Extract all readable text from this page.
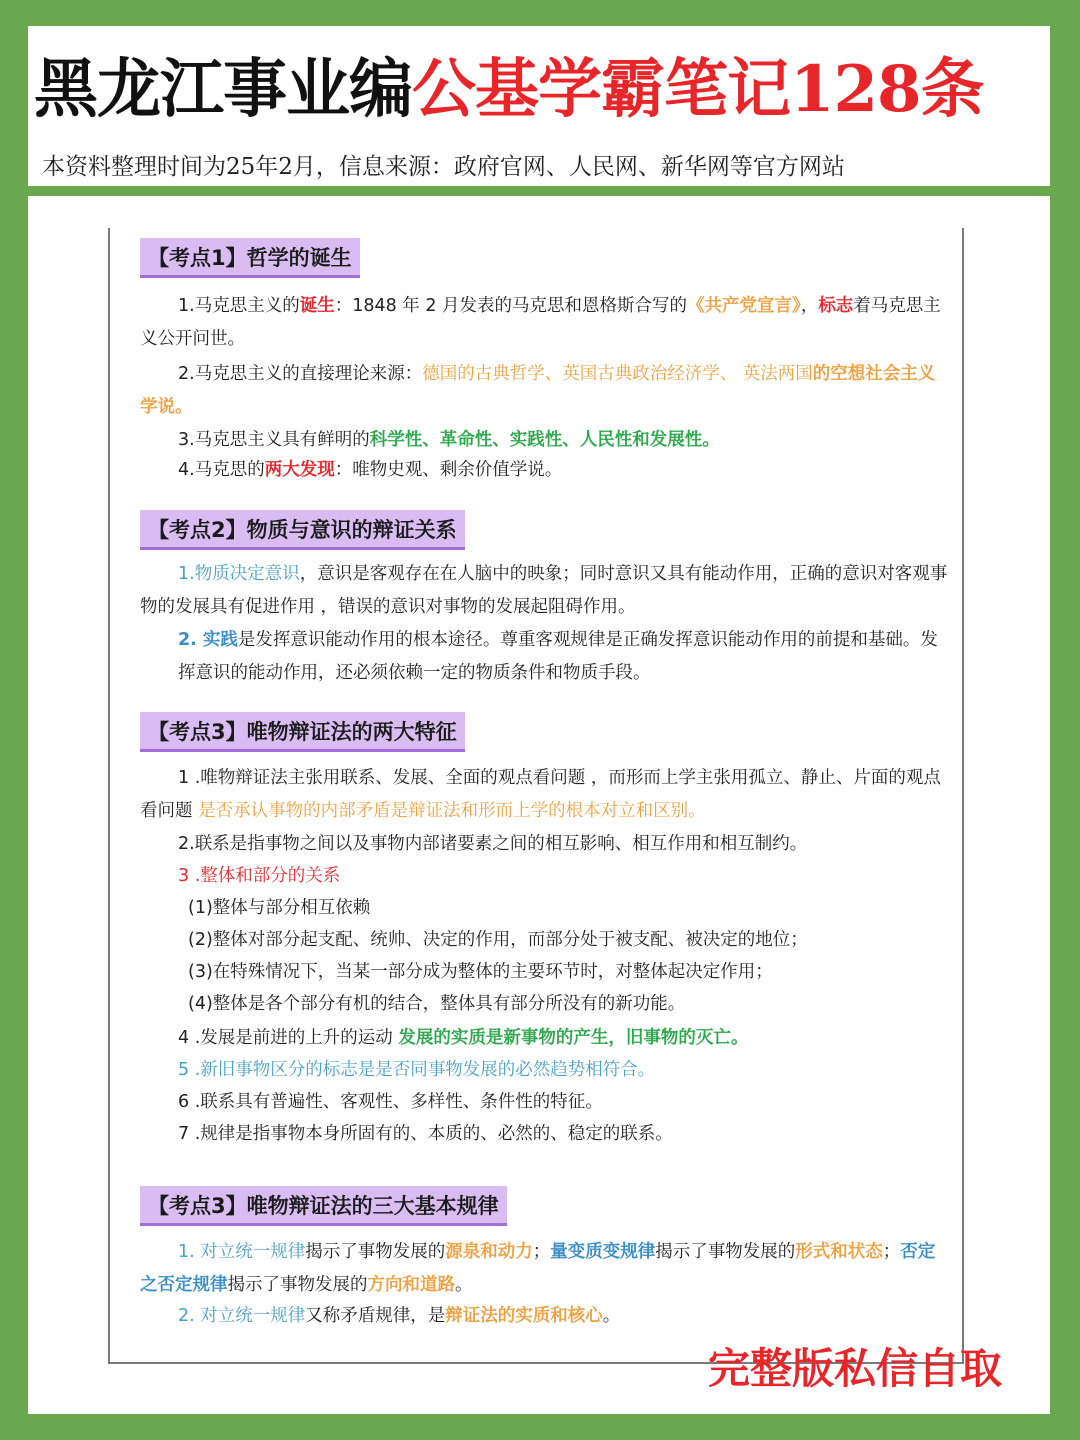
黑龙江事业编公基学霸笔记128条
本资料整理时间为25年2月，信息来源：政府官网、人民网、新华网等官方网站
【考点1】哲学的诞生

1.马克思主义的诞生：1848 年 2 月发表的马克思和恩格斯合写的《共产党宣言》，标志着马克思主义公开问世。

2.马克思主义的直接理论来源：德国的古典哲学、英国古典政治经济学、 英法两国的空想社会主义学说。

3.马克思主义具有鲜明的科学性、革命性、实践性、人民性和发展性。

4.马克思的两大发现：唯物史观、剩余价值学说。

【考点2】物质与意识的辩证关系

1.物质决定意识，意识是客观存在在人脑中的映象；同时意识又具有能动作用，正确的意识对客观事物的发展具有促进作用 ，错误的意识对事物的发展起阻碍作用。

2. 实践是发挥意识能动作用的根本途径。尊重客观规律是正确发挥意识能动作用的前提和基础。发挥意识的能动作用，还必须依赖一定的物质条件和物质手段。

【考点3】唯物辩证法的两大特征

1 .唯物辩证法主张用联系、发展、全面的观点看问题 ，而形而上学主张用孤立、静止、片面的观点看问题 是否承认事物的内部矛盾是辩证法和形而上学的根本对立和区别。

2.联系是指事物之间以及事物内部诸要素之间的相互影响、相互作用和相互制约。

3 .整体和部分的关系

(1)整体与部分相互依赖

(2)整体对部分起支配、统帅、决定的作用，而部分处于被支配、被决定的地位；

(3)在特殊情况下，当某一部分成为整体的主要环节时，对整体起决定作用；

(4)整体是各个部分有机的结合，整体具有部分所没有的新功能。

4 .发展是前进的上升的运动 发展的实质是新事物的产生，旧事物的灭亡。

5 .新旧事物区分的标志是是否同事物发展的必然趋势相符合。

6 .联系具有普遍性、客观性、多样性、条件性的特征。

7 .规律是指事物本身所固有的、本质的、必然的、稳定的联系。

【考点3】唯物辩证法的三大基本规律

1. 对立统一规律揭示了事物发展的源泉和动力；量变质变规律揭示了事物发展的形式和状态；否定之否定规律揭示了事物发展的方向和道路。

2. 对立统一规律又称矛盾规律，是辩证法的实质和核心。

完整版私信自取
